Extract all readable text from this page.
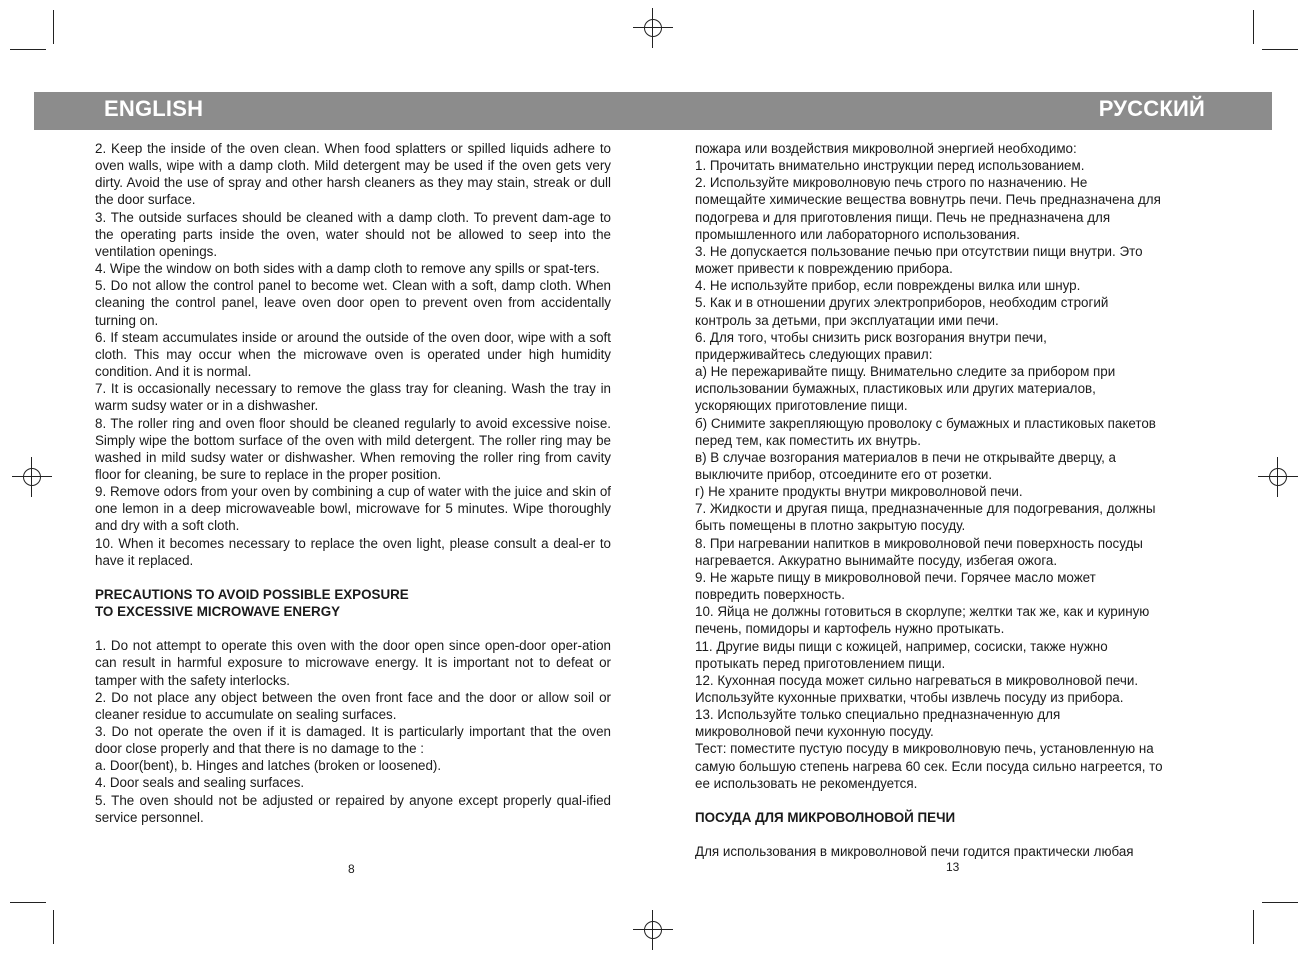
ENGLISH	РУССКИЙ

2. Keep the inside of the oven clean. When food splatters or spilled liquids adhere to oven walls, wipe with a damp cloth. Mild detergent may be used if the oven gets very dirty. Avoid the use of spray and other harsh cleaners as they may stain, streak or dull the door surface.

3. The outside surfaces should be cleaned with a damp cloth. To prevent dam-age to the operating parts inside the oven, water should not be allowed to seep into the ventilation openings.

4. Wipe the window on both sides with a damp cloth to remove any spills or spat-ters.

5. Do not allow the control panel to become wet. Clean with a soft, damp cloth. When cleaning the control panel, leave oven door open to prevent oven from accidentally turning on.

6. If steam accumulates inside or around the outside of the oven door, wipe with a soft cloth. This may occur when the microwave oven is operated under high humidity condition. And it is normal.

7. It is occasionally necessary to remove the glass tray for cleaning. Wash the tray in warm sudsy water or in a dishwasher.

8. The roller ring and oven floor should be cleaned regularly to avoid excessive noise. Simply wipe the bottom surface of the oven with mild detergent. The roller ring may be washed in mild sudsy water or dishwasher. When removing the roller ring from cavity floor for cleaning, be sure to replace in the proper position.

9. Remove odors from your oven by combining a cup of water with the juice and skin of one lemon in a deep microwaveable bowl, microwave for 5 minutes. Wipe thoroughly and dry with a soft cloth.

10. When it becomes necessary to replace the oven light, please consult a deal-er to have it replaced.

PRECAUTIONS TO AVOID POSSIBLE EXPOSURE

TO EXCESSIVE MICROWAVE ENERGY

1. Do not attempt to operate this oven with the door open since open-door oper-ation can result in harmful exposure to microwave energy. It is important not to defeat or tamper with the safety interlocks.

2. Do not place any object between the oven front face and the door or allow soil or cleaner residue to accumulate on sealing surfaces.

3. Do not operate the oven if it is damaged. It is particularly important that the oven door close properly and that there is no damage to the :

a. Door(bent), b. Hinges and latches (broken or loosened).

4. Door seals and sealing surfaces.

5. The oven should not be adjusted or repaired by anyone except properly qual-ified service personnel.

8

пожара или воздействия микроволной энергией необходимо:

1. Прочитать внимательно инструкции перед использованием.

2. Используйте микроволновую печь строго по назначению. Не

помещайте химические вещества вовнутрь печи. Печь предназначена для

подогрева и для приготовления пищи. Печь не предназначена для

промышленного или лабораторного использования.

3. Не допускается пользование печью при отсутствии пищи внутри. Это

может привести к повреждению прибора.

4. Не используйте прибор, если повреждены вилка или шнур.

5. Как и в отношении других электроприборов, необходим строгий

контроль за детьми, при эксплуатации ими печи.

6. Для того, чтобы снизить риск возгорания внутри печи,

придерживайтесь следующих правил:

а) Не пережаривайте пищу. Внимательно следите за прибором при

использовании бумажных, пластиковых или других материалов,

ускоряющих приготовление пищи.

б) Снимите закрепляющую проволоку с бумажных и пластиковых пакетов

перед тем, как поместить их внутрь.

в) В случае возгорания материалов в печи не открывайте дверцу, а

выключите прибор, отсоедините его от розетки.

г) Не храните продукты внутри микроволновой печи.

7. Жидкости и другая пища, предназначенные для подогревания, должны

быть помещены в плотно закрытую посуду.

8. При нагревании напитков в микроволновой печи поверхность посуды

нагревается. Аккуратно вынимайте посуду, избегая ожога.

9. Не жарьте пищу в микроволновой печи. Горячее масло может

повредить поверхность.

10. Яйца не должны готовиться в скорлупе; желтки так же, как и куриную

печень, помидоры и картофель нужно протыкать.

11. Другие виды пищи с кожицей, например, сосиски, также нужно

протыкать перед приготовлением пищи.

12. Кухонная посуда может сильно нагреваться в микроволновой печи.

Используйте кухонные прихватки, чтобы извлечь посуду из прибора.

13. Используйте только специально предназначенную для

микроволновой печи кухонную посуду.

Тест: поместите пустую посуду в микроволновую печь, установленную на

самую большую степень нагрева 60 сек. Если посуда сильно нагреется, то

ее использовать не рекомендуется.

ПОСУДА ДЛЯ МИКРОВОЛНОВОЙ ПЕЧИ

Для использования в микроволновой печи годится практически любая

13
